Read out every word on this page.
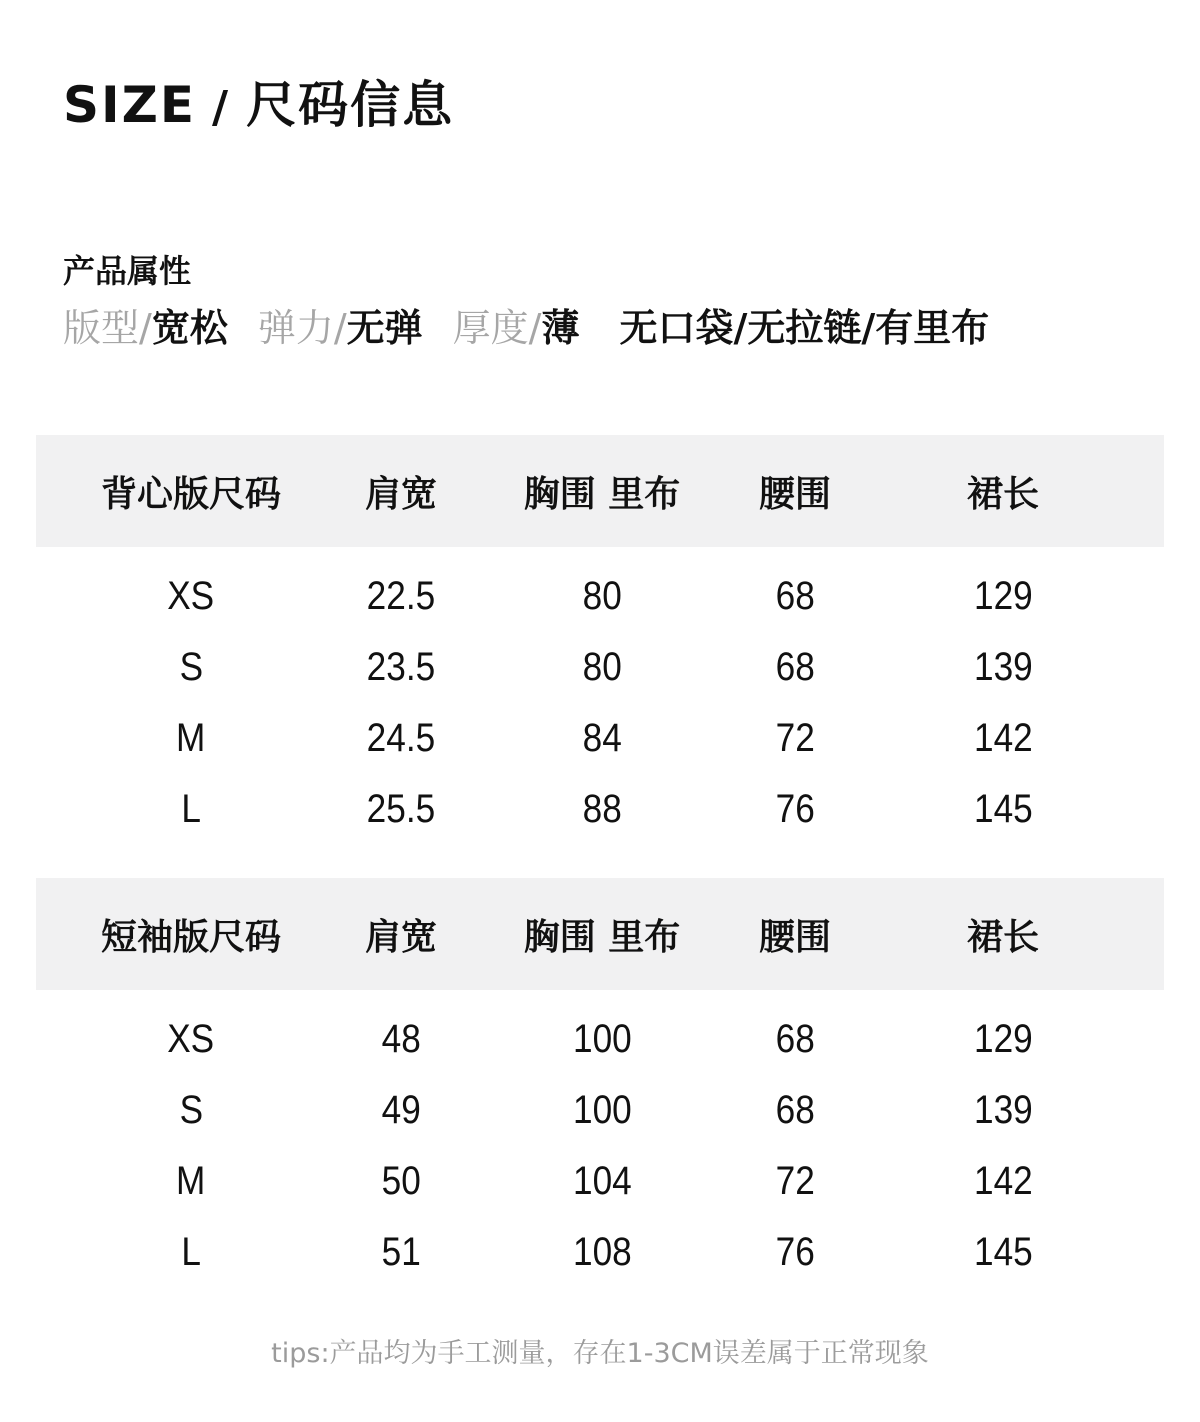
SIZE / 尺码信息
产品属性
版型/宽松 弹力/无弹 厚度/薄 无口袋/无拉链/有里布
背心版尺码	肩宽	胸围 里布	腰围	裙长
XS	22.5	80	68	129
S	23.5	80	68	139
M	24.5	84	72	142
L	25.5	88	76	145
短袖版尺码	肩宽	胸围 里布	腰围	裙长
XS	48	100	68	129
S	49	100	68	139
M	50	104	72	142
L	51	108	76	145
tips:产品均为手工测量，存在1-3CM误差属于正常现象
